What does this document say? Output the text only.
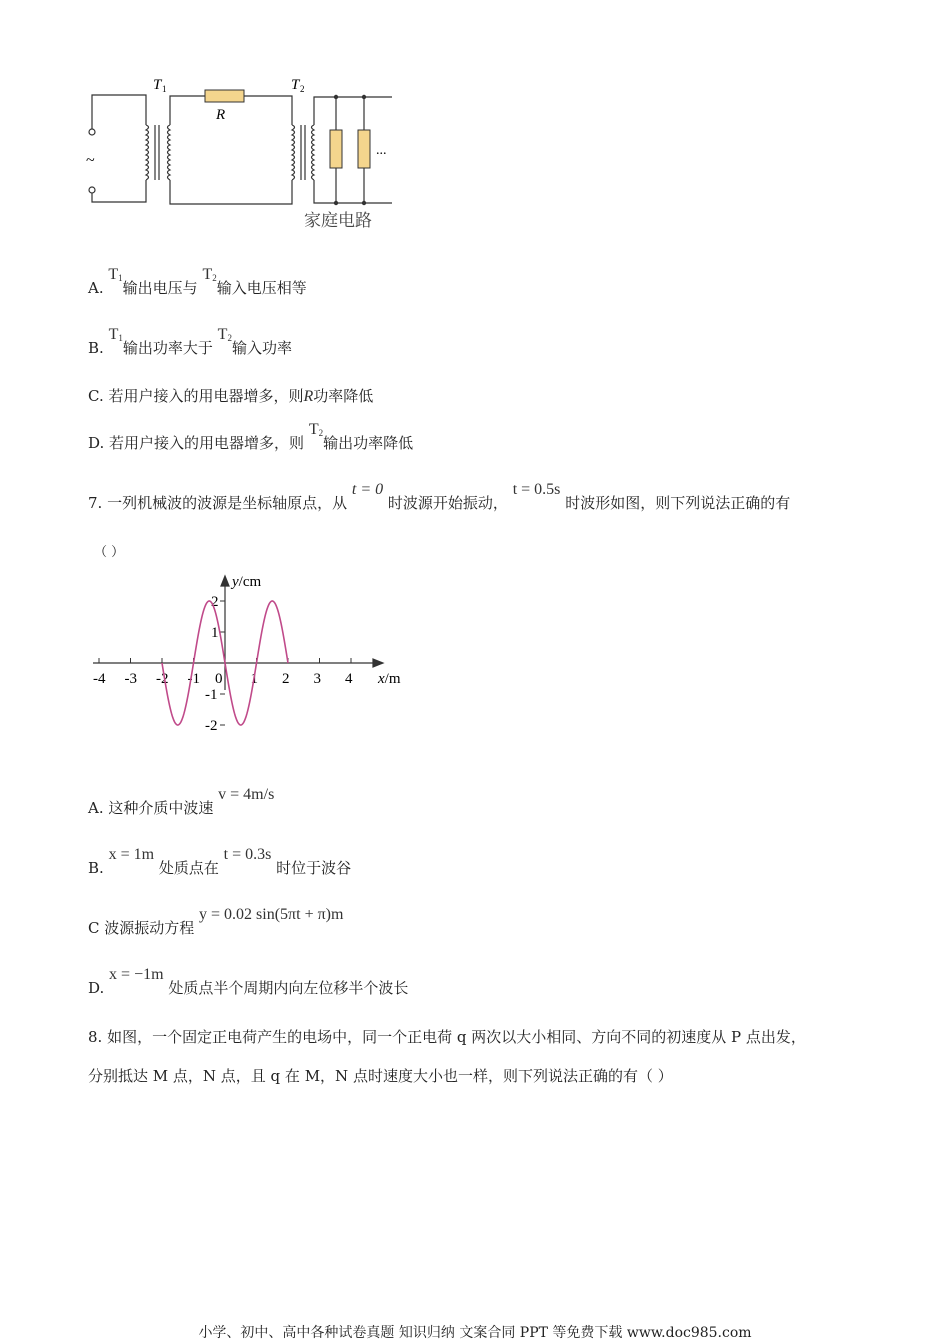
~
T 1
R
T 2
...
家庭电路
A. $T_1$输出电压与 $T_2$输入电压相等
B. $T_1$输出功率大于 $T_2$输入功率
C. 若用户接入的用电器增多，则R功率降低
D. 若用户接入的用电器增多，则 $T_2$输出功率降低
7. 一列机械波的波源是坐标轴原点，从 t = 0 时波源开始振动， t = 0.5s 时波形如图，则下列说法正确的有
（ ）
-4 -3 -2 -1 0 1 2 3 4
2
1
-1
-2
y/cm
x/m
A. 这种介质中波速 v = 4m/s
B. x = 1m 处质点在 t = 0.3s 时位于波谷
C 波源振动方程 y = 0.02 sin(5πt + π)m
D. x = −1m 处质点半个周期内向左位移半个波长
8. 如图，一个固定正电荷产生的电场中，同一个正电荷 q 两次以大小相同、方向不同的初速度从 P 点出发，
分别抵达 M 点，N 点，且 q 在 M，N 点时速度大小也一样，则下列说法正确的有（ ）
小学、初中、高中各种试卷真题 知识归纳 文案合同 PPT 等免费下载 www.doc985.com
